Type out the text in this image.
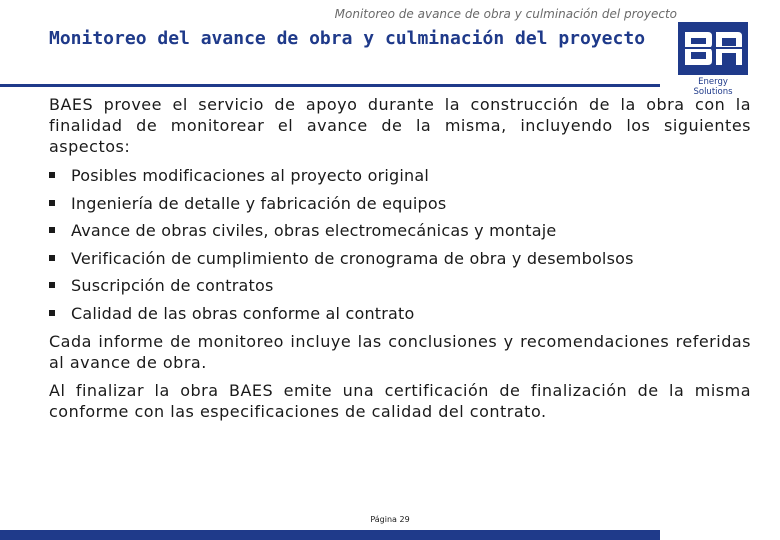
Monitoreo de avance de obra y culminación del proyecto
Monitoreo del avance de obra y culminación del proyecto
Energy Solutions

BAES provee el servicio de apoyo durante la construcción de la obra con la finalidad de monitorear el avance de la misma, incluyendo los siguientes aspectos:

Posibles modificaciones al proyecto original
Ingeniería de detalle y fabricación de equipos
Avance de obras civiles, obras electromecánicas y montaje
Verificación de cumplimiento de cronograma de obra y desembolsos
Suscripción de contratos
Calidad de las obras conforme al contrato

Cada informe de monitoreo incluye las conclusiones y recomendaciones referidas al avance de obra.

Al finalizar la obra BAES emite una certificación de finalización de la misma conforme con las especificaciones de calidad del contrato.

Página 29
